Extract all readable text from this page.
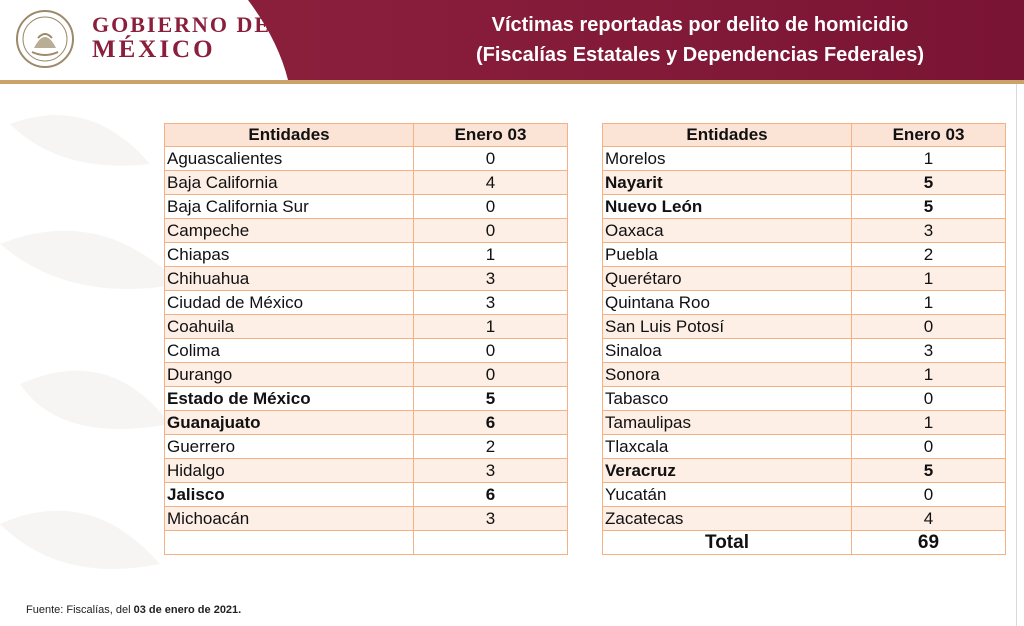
GOBIERNO DE
MÉXICO
Víctimas reportadas por delito de homicidio
(Fiscalías Estatales y Dependencias Federales)
Entidades	Enero 03
Aguascalientes	0
Baja California	4
Baja California Sur	0
Campeche	0
Chiapas	1
Chihuahua	3
Ciudad de México	3
Coahuila	1
Colima	0
Durango	0
Estado de México	5
Guanajuato	6
Guerrero	2
Hidalgo	3
Jalisco	6
Michoacán	3

Entidades	Enero 03
Morelos	1
Nayarit	5
Nuevo León	5
Oaxaca	3
Puebla	2
Querétaro	1
Quintana Roo	1
San Luis Potosí	0
Sinaloa	3
Sonora	1
Tabasco	0
Tamaulipas	1
Tlaxcala	0
Veracruz	5
Yucatán	0
Zacatecas	4
Total	69
Fuente: Fiscalías, del 03 de enero de 2021.
